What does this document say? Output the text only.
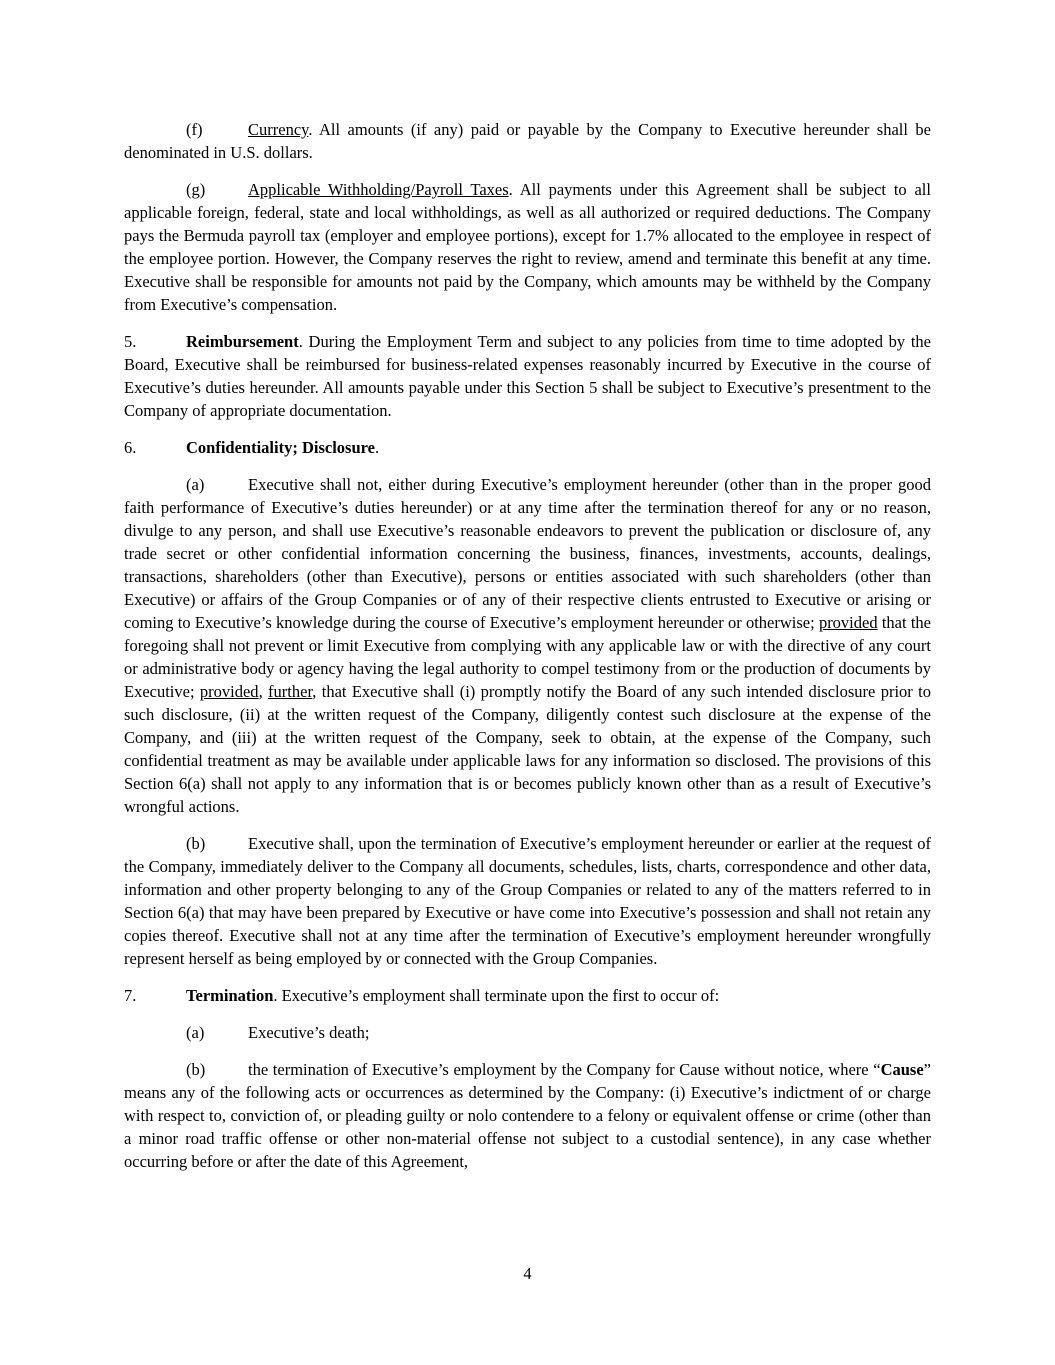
(f)	Currency. All amounts (if any) paid or payable by the Company to Executive hereunder shall be denominated in U.S. dollars.

(g)	Applicable Withholding/Payroll Taxes. All payments under this Agreement shall be subject to all applicable foreign, federal, state and local withholdings, as well as all authorized or required deductions. The Company pays the Bermuda payroll tax (employer and employee portions), except for 1.7% allocated to the employee in respect of the employee portion. However, the Company reserves the right to review, amend and terminate this benefit at any time. Executive shall be responsible for amounts not paid by the Company, which amounts may be withheld by the Company from Executive’s compensation.

5.	Reimbursement. During the Employment Term and subject to any policies from time to time adopted by the Board, Executive shall be reimbursed for business-related expenses reasonably incurred by Executive in the course of Executive’s duties hereunder. All amounts payable under this Section 5 shall be subject to Executive’s presentment to the Company of appropriate documentation.

6.	Confidentiality; Disclosure.

(a)	Executive shall not, either during Executive’s employment hereunder (other than in the proper good faith performance of Executive’s duties hereunder) or at any time after the termination thereof for any or no reason, divulge to any person, and shall use Executive’s reasonable endeavors to prevent the publication or disclosure of, any trade secret or other confidential information concerning the business, finances, investments, accounts, dealings, transactions, shareholders (other than Executive), persons or entities associated with such shareholders (other than Executive) or affairs of the Group Companies or of any of their respective clients entrusted to Executive or arising or coming to Executive’s knowledge during the course of Executive’s employment hereunder or otherwise; provided that the foregoing shall not prevent or limit Executive from complying with any applicable law or with the directive of any court or administrative body or agency having the legal authority to compel testimony from or the production of documents by Executive; provided, further, that Executive shall (i) promptly notify the Board of any such intended disclosure prior to such disclosure, (ii) at the written request of the Company, diligently contest such disclosure at the expense of the Company, and (iii) at the written request of the Company, seek to obtain, at the expense of the Company, such confidential treatment as may be available under applicable laws for any information so disclosed. The provisions of this Section 6(a) shall not apply to any information that is or becomes publicly known other than as a result of Executive’s wrongful actions.

(b)	Executive shall, upon the termination of Executive’s employment hereunder or earlier at the request of the Company, immediately deliver to the Company all documents, schedules, lists, charts, correspondence and other data, information and other property belonging to any of the Group Companies or related to any of the matters referred to in Section 6(a) that may have been prepared by Executive or have come into Executive’s possession and shall not retain any copies thereof. Executive shall not at any time after the termination of Executive’s employment hereunder wrongfully represent herself as being employed by or connected with the Group Companies.

7.	Termination. Executive’s employment shall terminate upon the first to occur of:

(a)	Executive’s death;

(b)	the termination of Executive’s employment by the Company for Cause without notice, where “Cause” means any of the following acts or occurrences as determined by the Company: (i) Executive’s indictment of or charge with respect to, conviction of, or pleading guilty or nolo contendere to a felony or equivalent offense or crime (other than a minor road traffic offense or other non-material offense not subject to a custodial sentence), in any case whether occurring before or after the date of this Agreement,

4
